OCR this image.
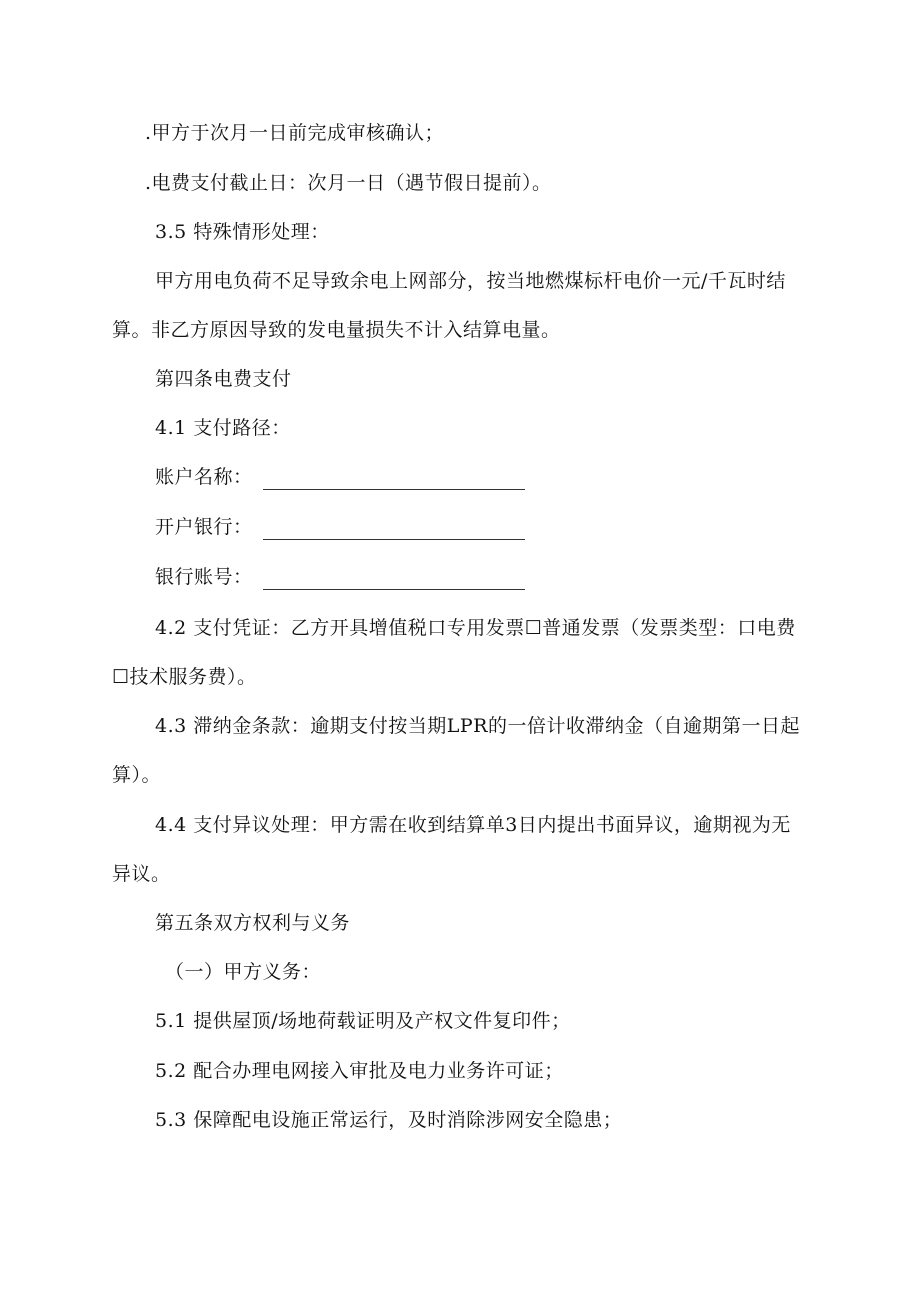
.甲方于次月一日前完成审核确认；
.电费支付截止日：次月一日（遇节假日提前）。
3.5 特殊情形处理：
甲方用电负荷不足导致余电上网部分，按当地燃煤标杆电价一元/千瓦时结
算。非乙方原因导致的发电量损失不计入结算电量。
第四条电费支付
4.1 支付路径：
账户名称：
开户银行：
银行账号：
4.2 支付凭证：乙方开具增值税口专用发票☐普通发票（发票类型：口电费
☐技术服务费）。
4.3 滞纳金条款：逾期支付按当期LPR的一倍计收滞纳金（自逾期第一日起
算）。
4.4 支付异议处理：甲方需在收到结算单3日内提出书面异议，逾期视为无
异议。
第五条双方权利与义务
（一）甲方义务：
5.1 提供屋顶/场地荷载证明及产权文件复印件；
5.2 配合办理电网接入审批及电力业务许可证；
5.3 保障配电设施正常运行，及时消除涉网安全隐患；
